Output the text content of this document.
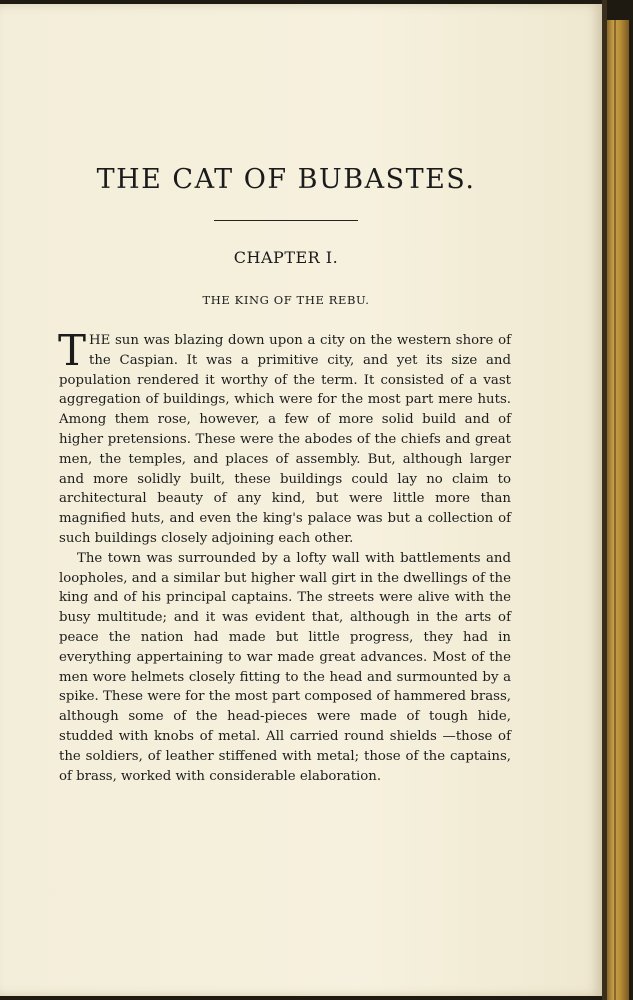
THE CAT OF BUBASTES.
CHAPTER I.
THE KING OF THE REBU.

THE sun was blazing down upon a city on the western shore of the Caspian. It was a primitive city, and yet its size and population rendered it worthy of the term. It consisted of a vast aggregation of buildings, which were for the most part mere huts. Among them rose, however, a few of more solid build and of higher pretensions. These were the abodes of the chiefs and great men, the temples, and places of assembly. But, although larger and more solidly built, these buildings could lay no claim to architectural beauty of any kind, but were little more than magnified huts, and even the king's palace was but a collection of such buildings closely adjoining each other.

The town was surrounded by a lofty wall with battlements and loopholes, and a similar but higher wall girt in the dwellings of the king and of his principal captains. The streets were alive with the busy multitude; and it was evident that, although in the arts of peace the nation had made but little progress, they had in everything appertaining to war made great advances. Most of the men wore helmets closely fitting to the head and surmounted by a spike. These were for the most part composed of hammered brass, although some of the head-pieces were made of tough hide, studded with knobs of metal. All carried round shields —those of the soldiers, of leather stiffened with metal; those of the captains, of brass, worked with considerable elaboration.
